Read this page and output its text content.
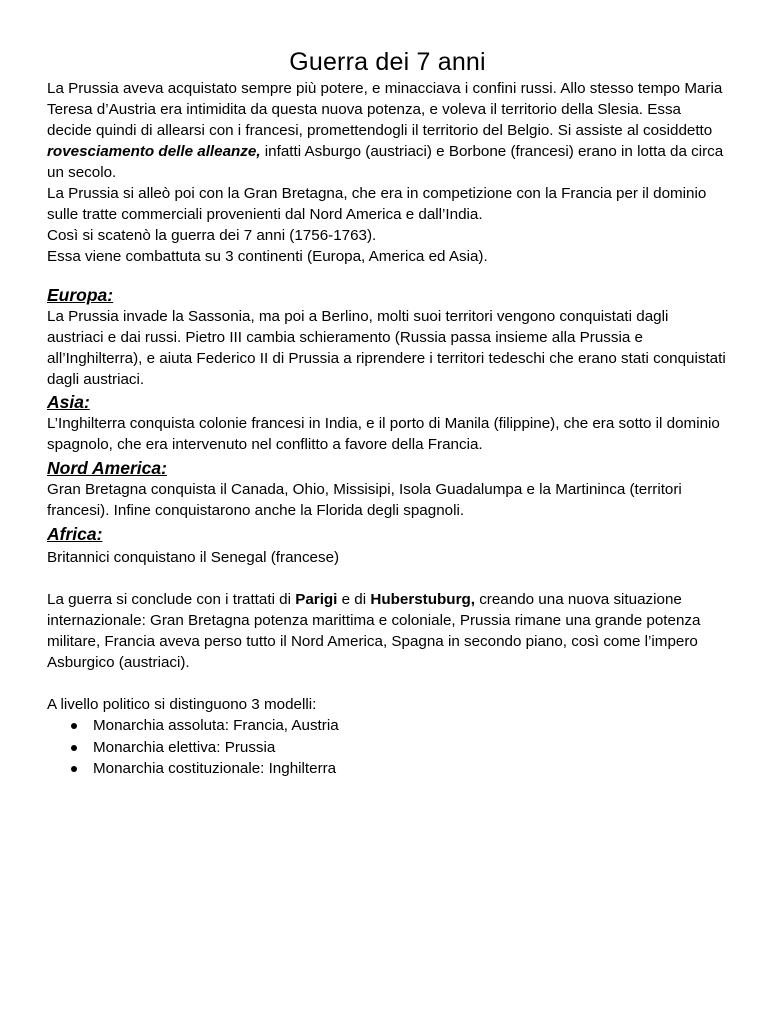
Guerra dei 7 anni

La Prussia aveva acquistato sempre più potere, e minacciava i confini russi. Allo stesso tempo Maria Teresa d’Austria era intimidita da questa nuova potenza, e voleva il territorio della Slesia. Essa decide quindi di allearsi con i francesi, promettendogli il territorio del Belgio. Si assiste al cosiddetto rovesciamento delle alleanze, infatti Asburgo (austriaci) e Borbone (francesi) erano in lotta da circa un secolo.

La Prussia si alleò poi con la Gran Bretagna, che era in competizione con la Francia per il dominio sulle tratte commerciali provenienti dal Nord America e dall’India.

Così si scatenò la guerra dei 7 anni (1756-1763).

Essa viene combattuta su 3 continenti (Europa, America ed Asia).

Europa:

La Prussia invade la Sassonia, ma poi a Berlino, molti suoi territori vengono conquistati dagli austriaci e dai russi. Pietro III cambia schieramento (Russia passa insieme alla Prussia e all’Inghilterra), e aiuta Federico II di Prussia a riprendere i territori tedeschi che erano stati conquistati dagli austriaci.

Asia:

L’Inghilterra conquista colonie francesi in India, e il porto di Manila (filippine), che era sotto il dominio spagnolo, che era intervenuto nel conflitto a favore della Francia.

Nord America:

Gran Bretagna conquista il Canada, Ohio, Missisipi, Isola Guadalumpa e la Martininca (territori francesi). Infine conquistarono anche la Florida degli spagnoli.

Africa:

Britannici conquistano il Senegal (francese)

La guerra si conclude con i trattati di Parigi e di Huberstuburg, creando una nuova situazione internazionale: Gran Bretagna potenza marittima e coloniale, Prussia rimane una grande potenza militare, Francia aveva perso tutto il Nord America, Spagna in secondo piano, così come l’impero Asburgico (austriaci).

A livello politico si distinguono 3 modelli:

Monarchia assoluta: Francia, Austria
Monarchia elettiva: Prussia
Monarchia costituzionale: Inghilterra
